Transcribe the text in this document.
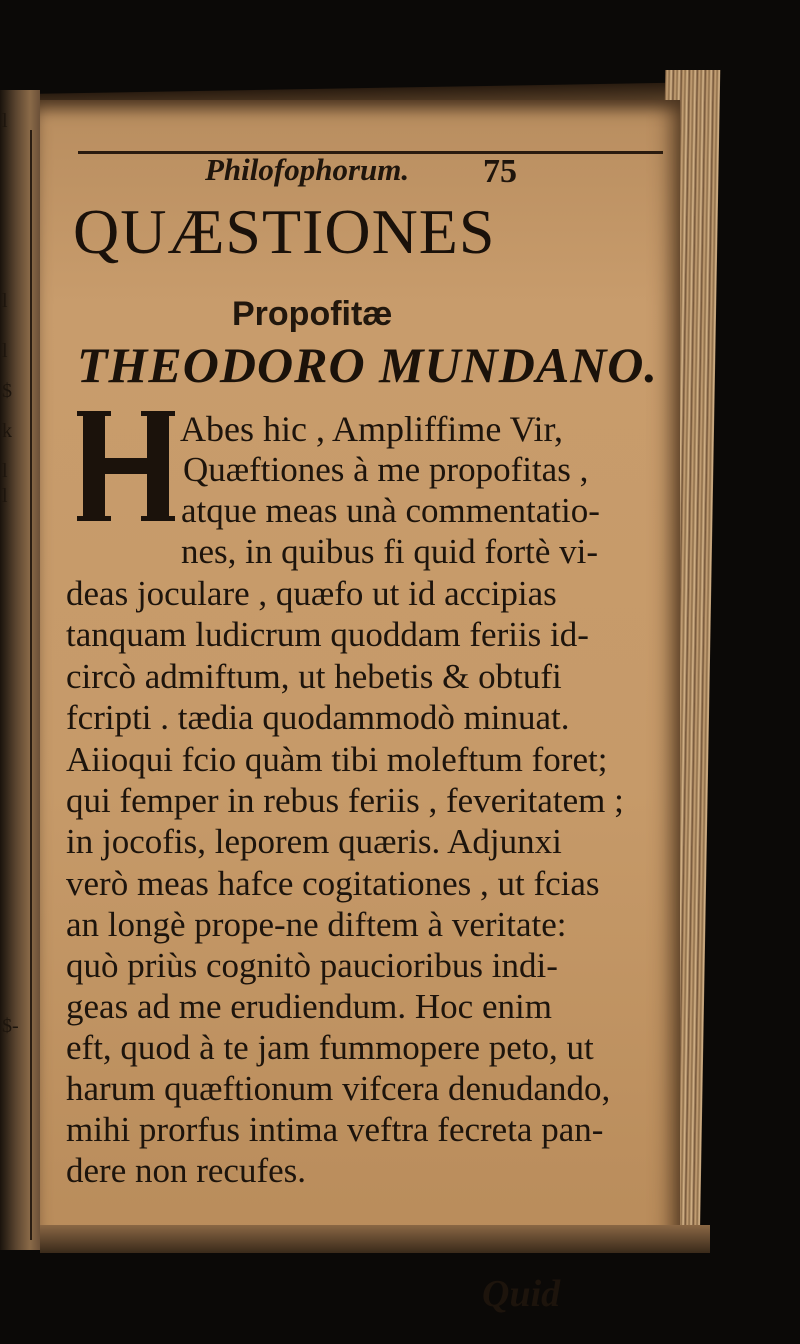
l
l
l
$
k
l
l
$-
Philofophorum. 75
QUÆSTIONES
Propofitæ
THEODORO MUNDANO.
Abes hic , Ampliffime Vir,
Quæftiones à me propofitas ,
atque meas unà commentatio-
nes, in quibus fi quid fortè vi-
deas joculare , quæfo ut id accipias
tanquam ludicrum quoddam feriis id-
circò admiftum, ut hebetis & obtufi
fcripti . tædia quodammodò minuat.
Aiioqui fcio quàm tibi moleftum foret;
qui femper in rebus feriis , feveritatem ;
in jocofis, leporem quæris. Adjunxi
verò meas hafce cogitationes , ut fcias
an longè prope-ne diftem à veritate:
quò priùs cognitò paucioribus indi-
geas ad me erudiendum. Hoc enim
eft, quod à te jam fummopere peto, ut
harum quæftionum vifcera denudando,
mihi prorfus intima veftra fecreta pan-
dere non recufes.
Quid
